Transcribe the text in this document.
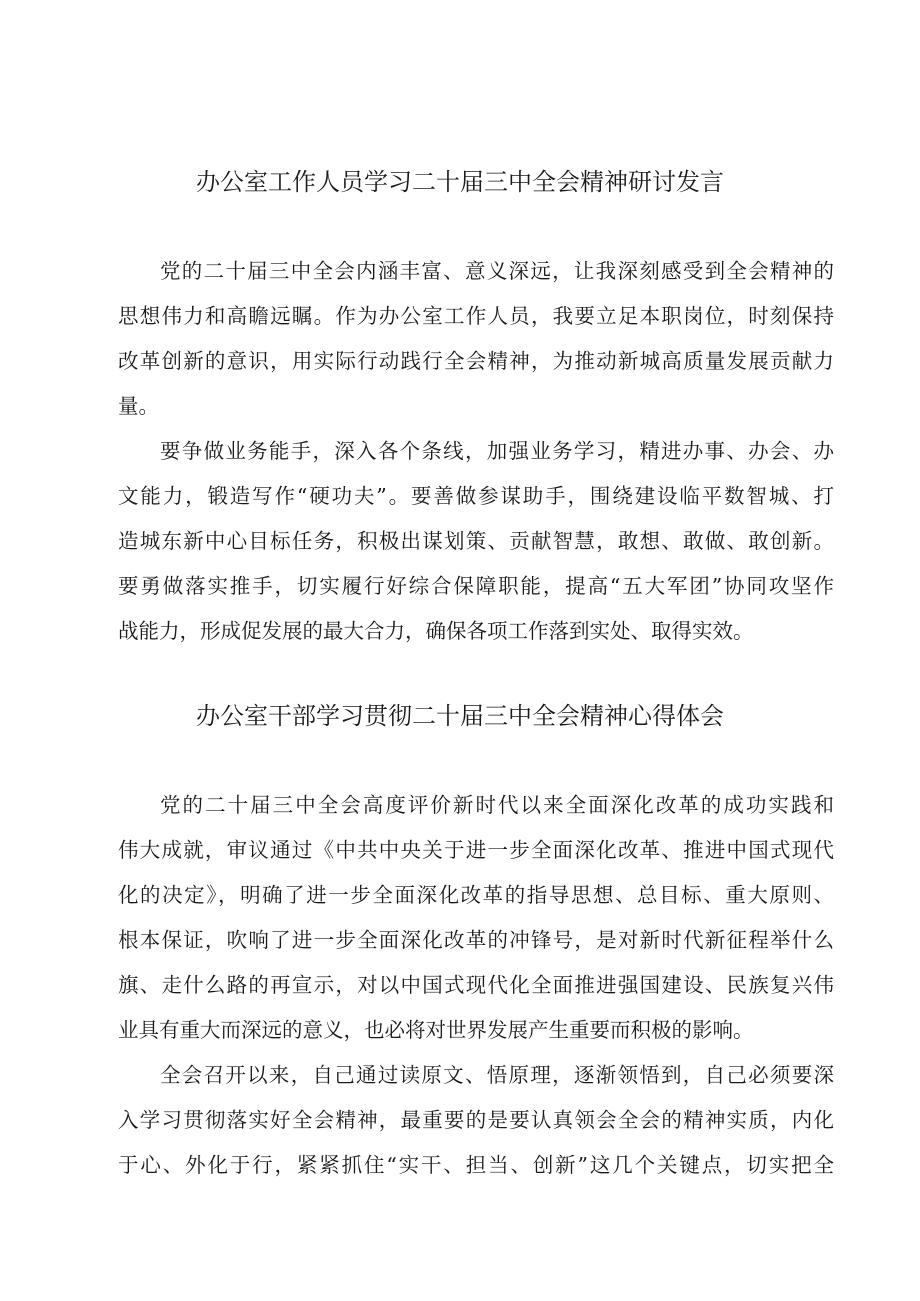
办公室工作人员学习二十届三中全会精神研讨发言
党的二十届三中全会内涵丰富、意义深远，让我深刻感受到全会精神的
思想伟力和高瞻远瞩。作为办公室工作人员，我要立足本职岗位，时刻保持
改革创新的意识，用实际行动践行全会精神，为推动新城高质量发展贡献力
量。
要争做业务能手，深入各个条线，加强业务学习，精进办事、办会、办
文能力，锻造写作“硬功夫”。要善做参谋助手，围绕建设临平数智城、打
造城东新中心目标任务，积极出谋划策、贡献智慧，敢想、敢做、敢创新。
要勇做落实推手，切实履行好综合保障职能，提高“五大军团”协同攻坚作
战能力，形成促发展的最大合力，确保各项工作落到实处、取得实效。
办公室干部学习贯彻二十届三中全会精神心得体会
党的二十届三中全会高度评价新时代以来全面深化改革的成功实践和
伟大成就，审议通过《中共中央关于进一步全面深化改革、推进中国式现代
化的决定》，明确了进一步全面深化改革的指导思想、总目标、重大原则、
根本保证，吹响了进一步全面深化改革的冲锋号，是对新时代新征程举什么
旗、走什么路的再宣示，对以中国式现代化全面推进强国建设、民族复兴伟
业具有重大而深远的意义，也必将对世界发展产生重要而积极的影响。
全会召开以来，自己通过读原文、悟原理，逐渐领悟到，自己必须要深
入学习贯彻落实好全会精神，最重要的是要认真领会全会的精神实质，内化
于心、外化于行，紧紧抓住“实干、担当、创新”这几个关键点，切实把全
